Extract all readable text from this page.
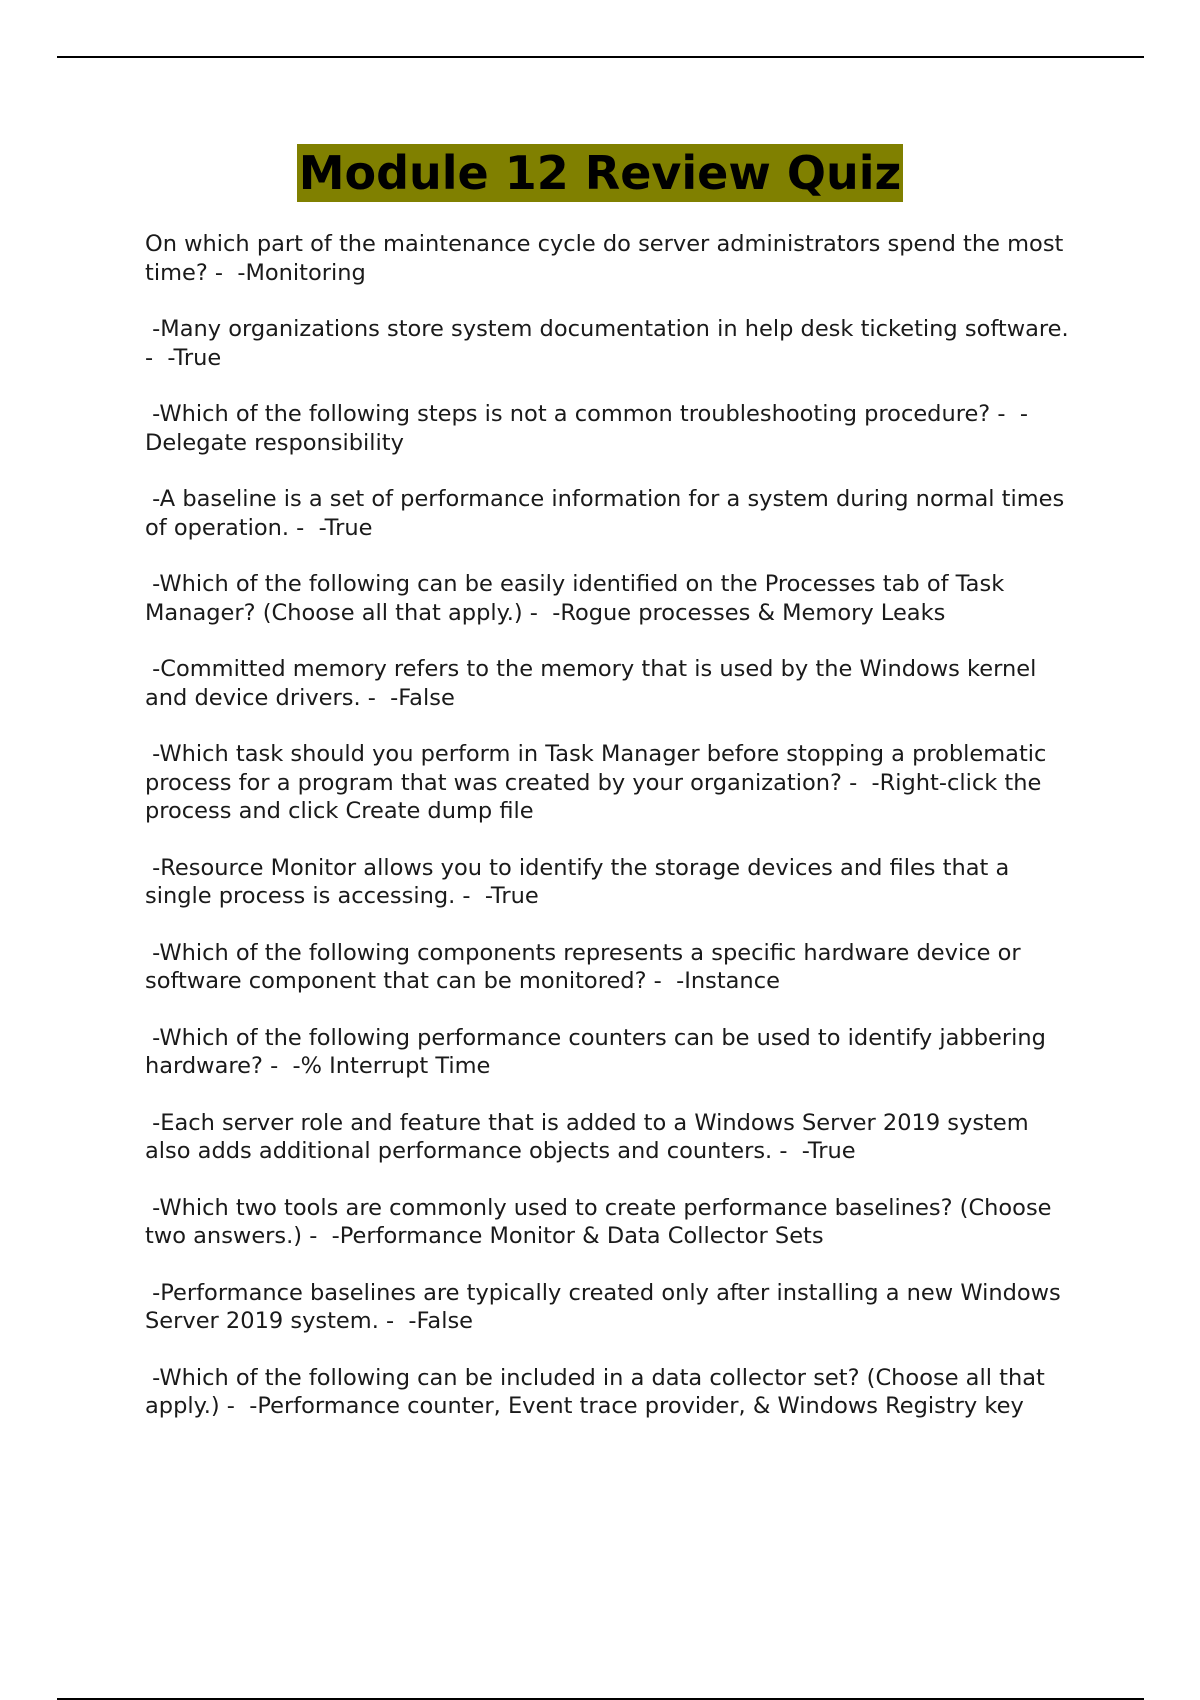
Module 12 Review Quiz
On which part of the maintenance cycle do server administrators spend the most time? -  -Monitoring
-Many organizations store system documentation in help desk ticketing software. -  -True
-Which of the following steps is not a common troubleshooting procedure? -  -Delegate responsibility
-A baseline is a set of performance information for a system during normal times of operation. -  -True
-Which of the following can be easily identified on the Processes tab of Task Manager? (Choose all that apply.) -  -Rogue processes & Memory Leaks
-Committed memory refers to the memory that is used by the Windows kernel and device drivers. -  -False
-Which task should you perform in Task Manager before stopping a problematic process for a program that was created by your organization? -  -Right-click the process and click Create dump file
-Resource Monitor allows you to identify the storage devices and files that a single process is accessing. -  -True
-Which of the following components represents a specific hardware device or software component that can be monitored? -  -Instance
-Which of the following performance counters can be used to identify jabbering hardware? -  -% Interrupt Time
-Each server role and feature that is added to a Windows Server 2019 system also adds additional performance objects and counters. -  -True
-Which two tools are commonly used to create performance baselines? (Choose two answers.) -  -Performance Monitor & Data Collector Sets
-Performance baselines are typically created only after installing a new Windows Server 2019 system. -  -False
-Which of the following can be included in a data collector set? (Choose all that apply.) -  -Performance counter, Event trace provider, & Windows Registry key
